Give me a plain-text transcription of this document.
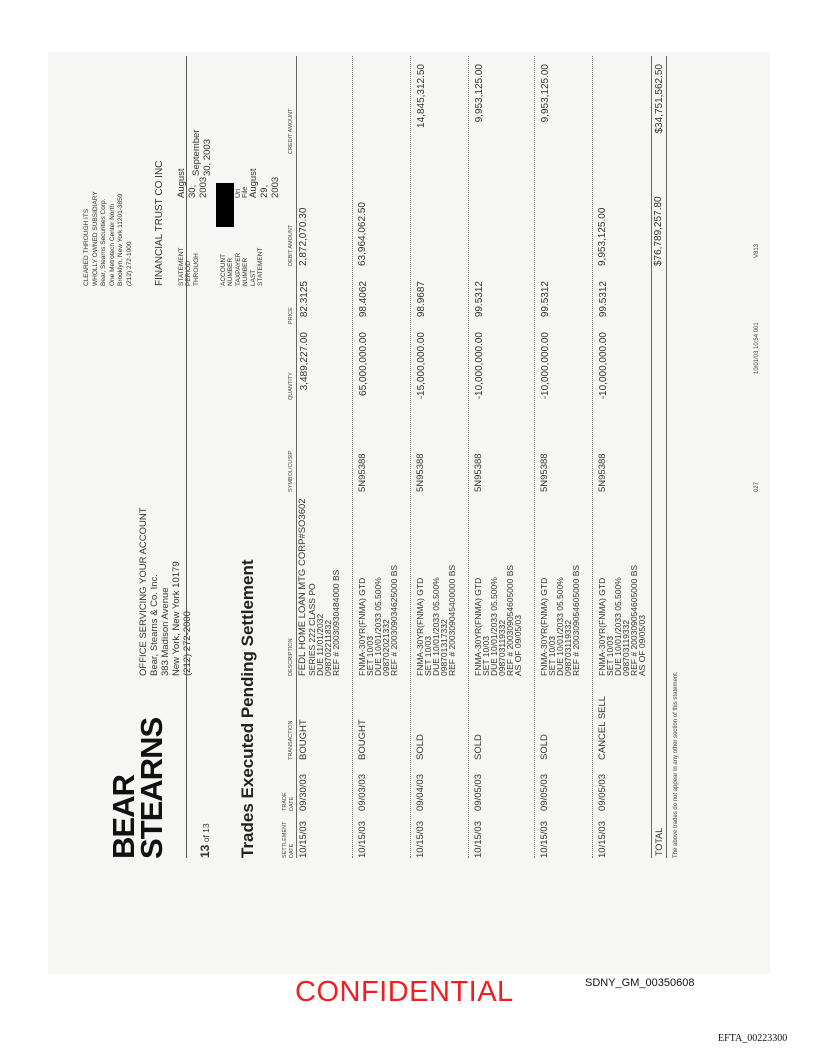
BEAR
STEARNS
OFFICE SERVICING YOUR ACCOUNT Bear, Stearns & Co. Inc. 383 Madison Avenue New York, New York 10179 (212) 272-2000
CLEARED THROUGH ITS WHOLLY OWNED SUBSIDIARY Bear, Stearns Securities Corp. One Metrotech Center North Brooklyn, New York 11201-3859 (212) 272-1000 FINANCIAL TRUST CO INC STATEMENT PERIOD
August 30, 2003
THROUGH
September 30, 2003
ACCOUNT NUMBER TAXPAYER NUMBER
Uri File
LAST STATEMENT
August 29, 2003
13 of 13 Trades Executed Pending Settlement	SETTLEMENT DATE
TRADE DATE
TRANSACTION
DESCRIPTION
SYMBOL/CUSIP
QUANTITY
PRICE
DEBIT AMOUNT
CREDIT AMOUNT
10/15/03
09/30/03
BOUGHT
FEDL HOME LOAN MTG CORP#SO3602 SERIES 222 CLASS PO
DUE 11/01/2032
098702211832
REF # 20030930484000 BS
3,489,227.00
82.3125
2,872,070.30
10/15/03
09/03/03
BOUGHT
FNMA-30YR(FNMA) GTD
SET 10/03
DUE 10/01/2033 05.500%
098702021332
REF # 200309034625000 BS
5N95388
65,000,000.00
98.4062
63,964,062.50
10/15/03
09/04/03
SOLD
FNMA-30YR(FNMA) GTD
SET 10/03
DUE 10/01/2033 05.500%
098701317332
REF # 200309045400000 BS
5N95388
-15,000,000.00
98.9687
14,845,312.50
10/15/03
09/05/03
SOLD
FNMA-30YR(FNMA) GTD
SET 10/03
DUE 10/01/2033 05.500%
098703119332
REF # 200309054605000 BS
AS OF 09/05/03
5N95388
-10,000,000.00
99.5312
9,953,125.00
10/15/03
09/05/03
SOLD
FNMA-30YR(FNMA) GTD
SET 10/03
DUE 10/01/2033 05.500%
098703119332
REF # 200309054605000 BS
5N95388
-10,000,000.00
99.5312
9,953,125.00
10/15/03
09/05/03
CANCEL SELL
FNMA-30YR(FNMA) GTD
SET 10/03
DUE 10/01/2033 05.500%
098703119332
REF # 200309054605000 BS
AS OF 09/05/03
5N95388
-10,000,000.00
99.5312
9,953,125.00
TOTAL
$76,789,257.80
$34,751,562.50
The above trades do not appear in any other section of this statement.
027
10/01/03 10:54 001
V813
CONFIDENTIAL	SDNY_GM_00350608
EFTA_00223300
